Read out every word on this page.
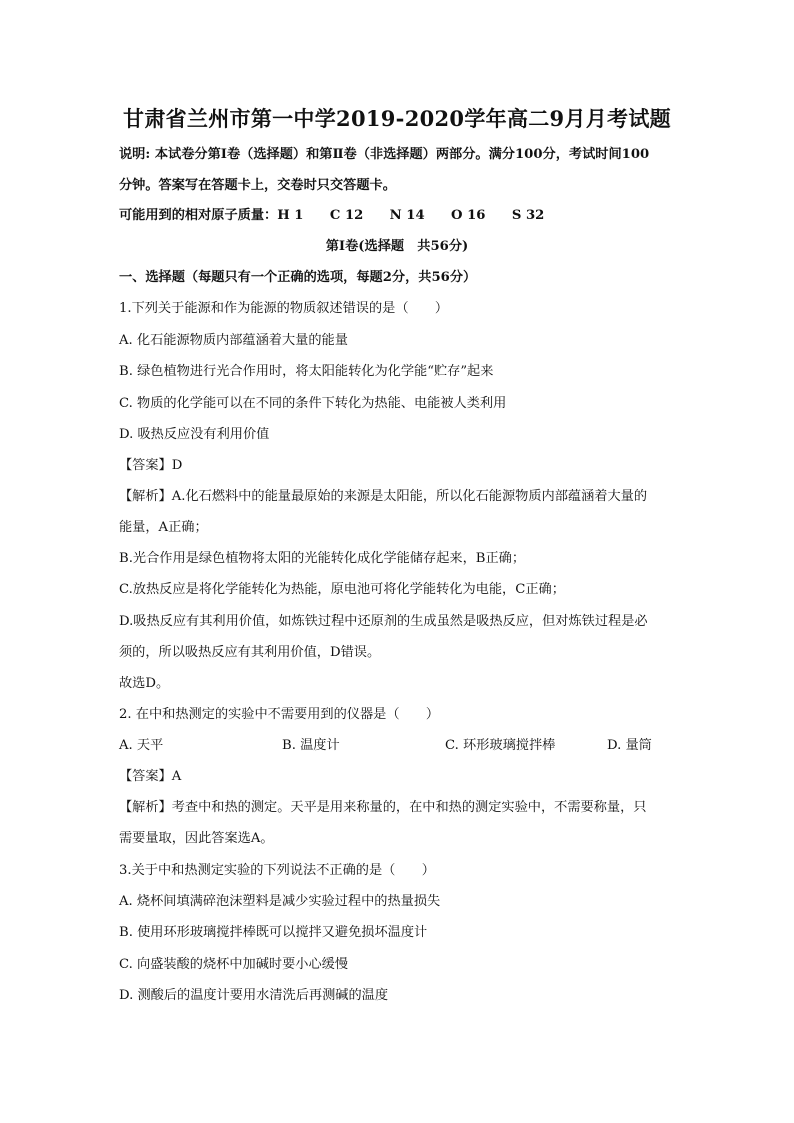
甘肃省兰州市第一中学2019-2020学年高二9月月考试题
说明: 本试卷分第Ⅰ卷（选择题）和第Ⅱ卷（非选择题）两部分。满分100分，考试时间100
分钟。答案写在答题卡上，交卷时只交答题卡。
可能用到的相对原子质量：H 1　　C 12　　N 14　　O 16　　S 32
第Ⅰ卷(选择题　共56分)
一、选择题（每题只有一个正确的选项，每题2分，共56分）
1.下列关于能源和作为能源的物质叙述错误的是（　　）
A. 化石能源物质内部蕴涵着大量的能量
B. 绿色植物进行光合作用时，将太阳能转化为化学能“贮存”起来
C. 物质的化学能可以在不同的条件下转化为热能、电能被人类利用
D. 吸热反应没有利用价值
【答案】D
【解析】A.化石燃料中的能量最原始的来源是太阳能，所以化石能源物质内部蕴涵着大量的
能量，A正确；
B.光合作用是绿色植物将太阳的光能转化成化学能储存起来，B正确；
C.放热反应是将化学能转化为热能，原电池可将化学能转化为电能，C正确；
D.吸热反应有其利用价值，如炼铁过程中还原剂的生成虽然是吸热反应，但对炼铁过程是必
须的，所以吸热反应有其利用价值，D错误。
故选D。
2. 在中和热测定的实验中不需要用到的仪器是（　　）
A. 天平	B. 温度计	C. 环形玻璃搅拌棒	D. 量筒
【答案】A
【解析】考查中和热的测定。天平是用来称量的，在中和热的测定实验中，不需要称量，只
需要量取，因此答案选A。
3.关于中和热测定实验的下列说法不正确的是（　　）
A. 烧杯间填满碎泡沫塑料是减少实验过程中的热量损失
B. 使用环形玻璃搅拌棒既可以搅拌又避免损坏温度计
C. 向盛装酸的烧杯中加碱时要小心缓慢
D. 测酸后的温度计要用水清洗后再测碱的温度
